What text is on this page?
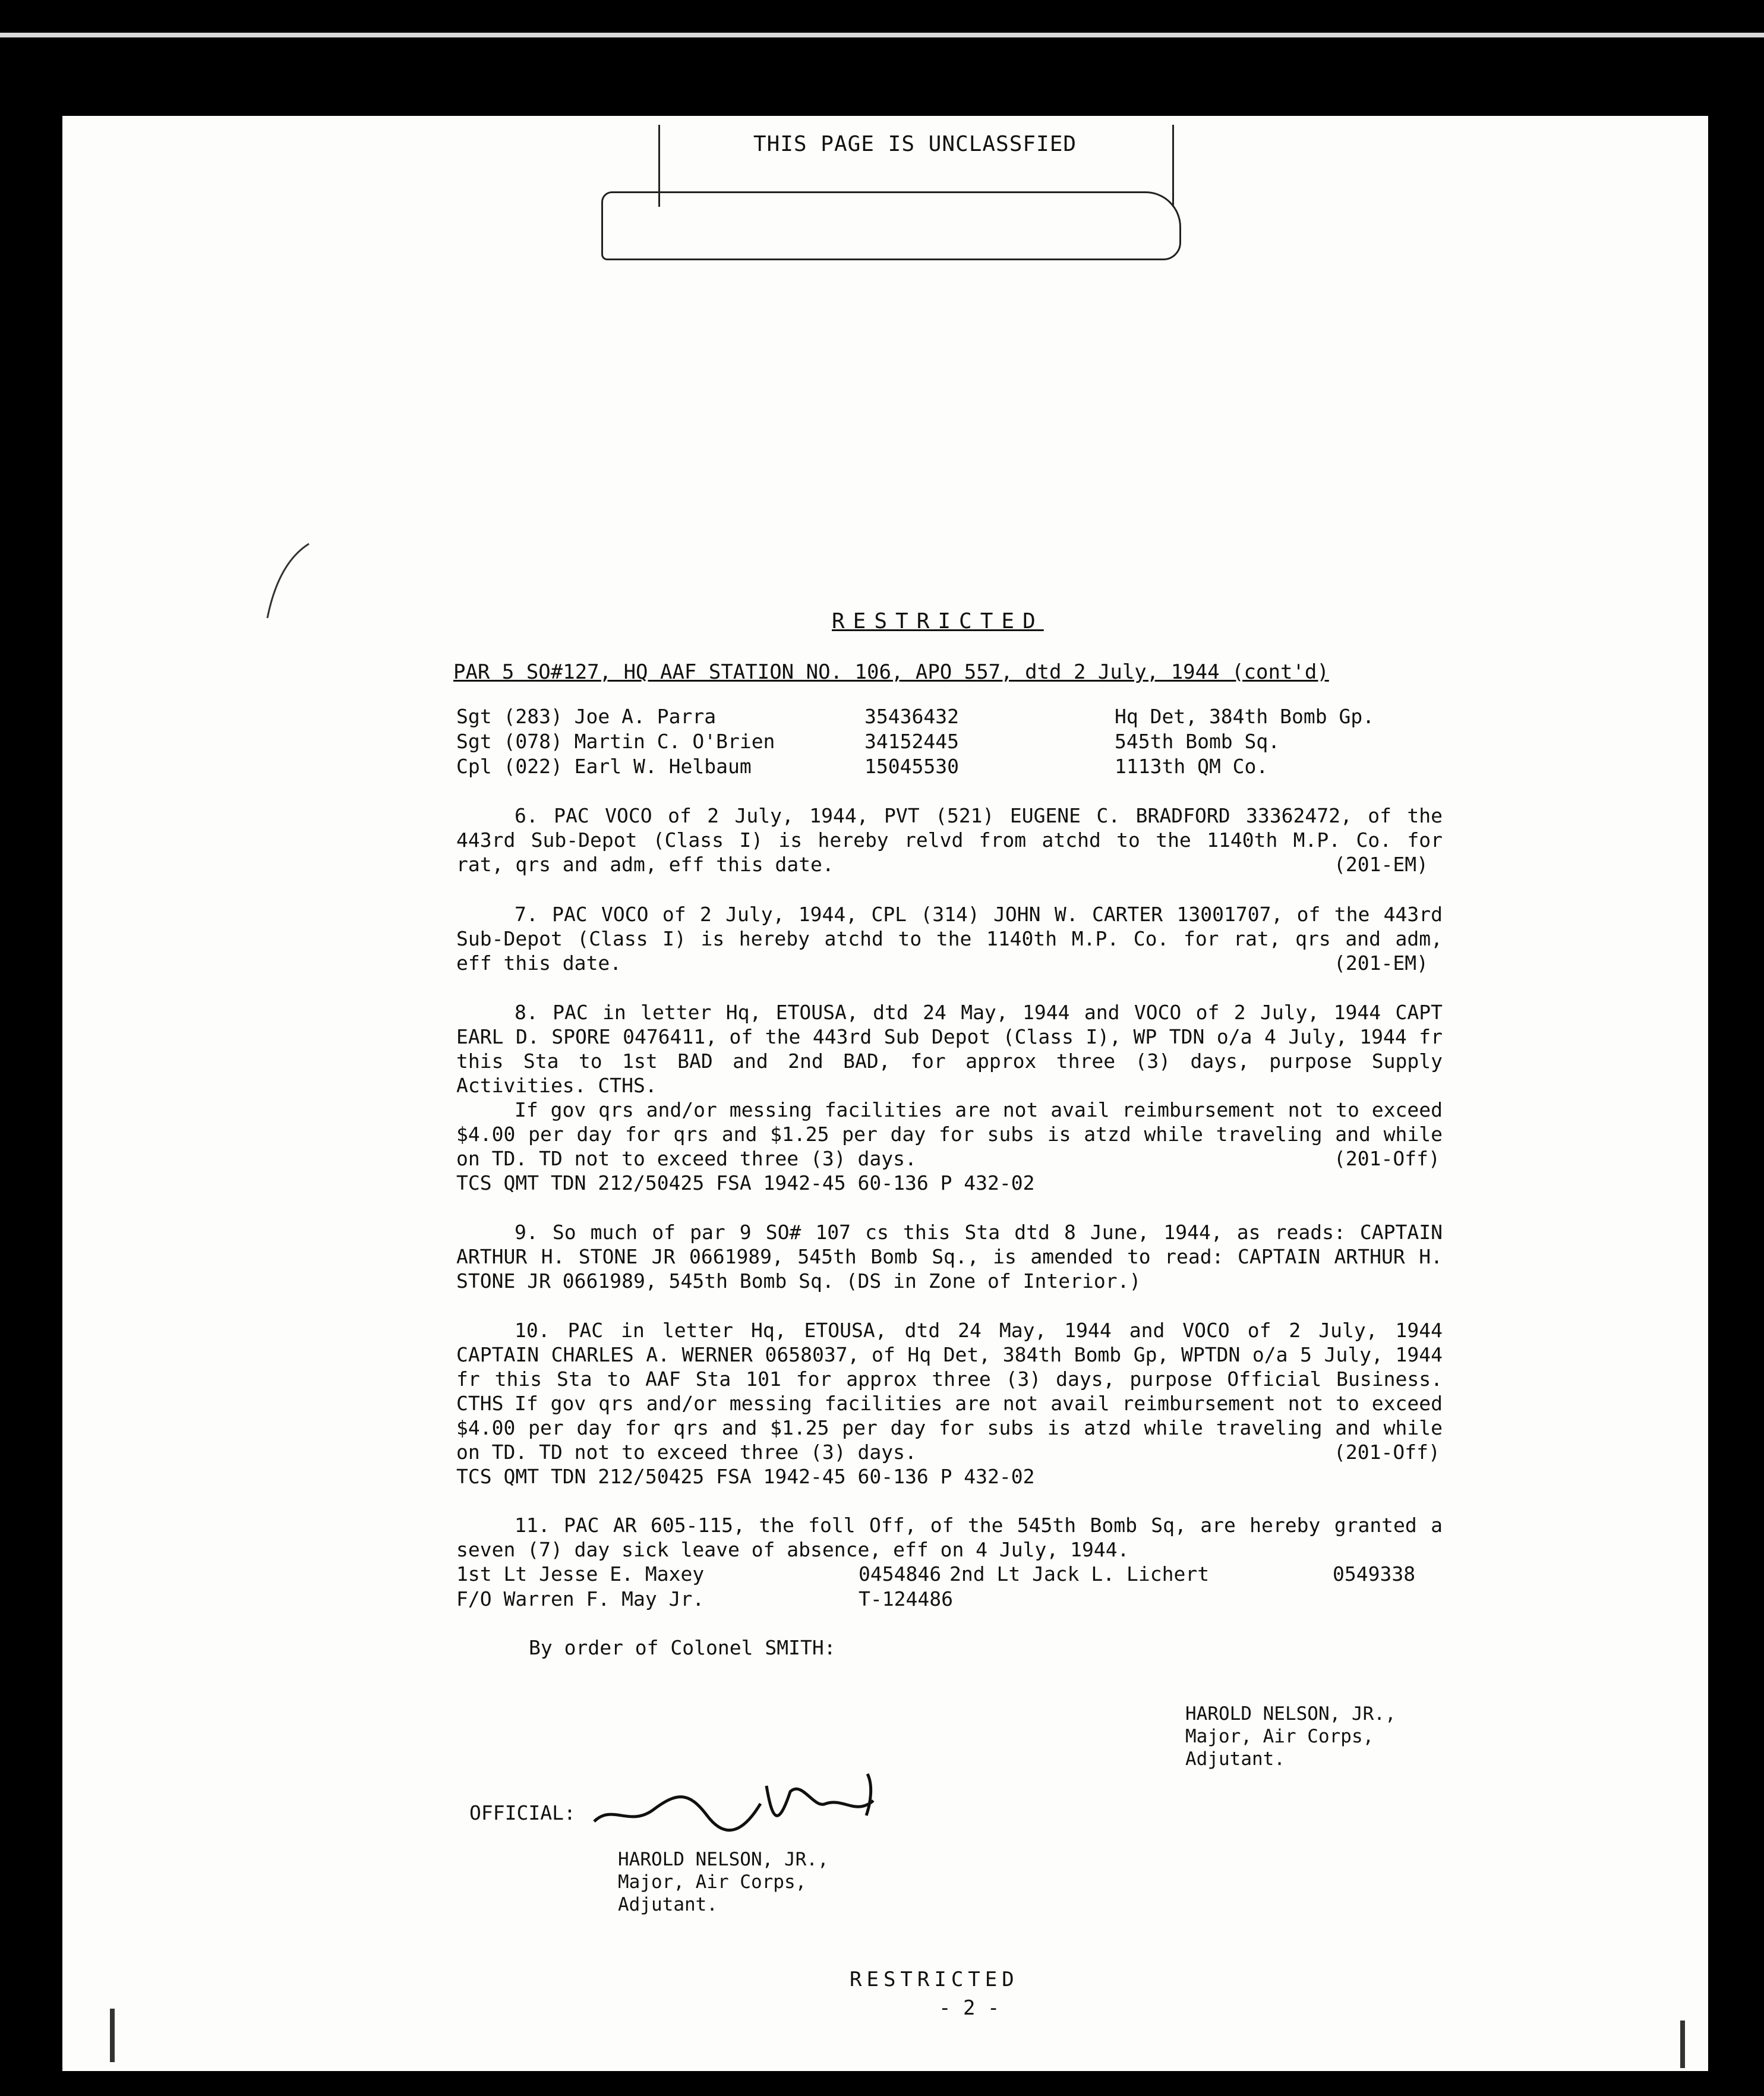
THIS PAGE IS UNCLASSFIED
RESTRICTED
PAR 5 SO#127, HQ AAF STATION NO. 106, APO 557, dtd 2 July, 1944 (cont'd)
Sgt (283) Joe A. Parra	35436432	Hq Det, 384th Bomb Gp.
Sgt (078) Martin C. O'Brien	34152445	545th Bomb Sq.
Cpl (022) Earl W. Helbaum	15045530	1113th QM Co.
6. PAC VOCO of 2 July, 1944, PVT (521) EUGENE C. BRADFORD 33362472, of the 443rd Sub-Depot (Class I) is hereby relvd from atchd to the 1140th M.P. Co. for rat, qrs and adm, eff this date.	(201-EM)
7. PAC VOCO of 2 July, 1944, CPL (314) JOHN W. CARTER 13001707, of the 443rd Sub-Depot (Class I) is hereby atchd to the 1140th M.P. Co. for rat, qrs and adm, eff this date.	(201-EM)
8. PAC in letter Hq, ETOUSA, dtd 24 May, 1944 and VOCO of 2 July, 1944 CAPT EARL D. SPORE 0476411, of the 443rd Sub Depot (Class I), WP TDN o/a 4 July, 1944 fr this Sta to 1st BAD and 2nd BAD, for approx three (3) days, purpose Supply Activities. CTHS.
If gov qrs and/or messing facilities are not avail reimbursement not to exceed $4.00 per day for qrs and $1.25 per day for subs is atzd while traveling and while on TD. TD not to exceed three (3) days.	(201-Off)
TCS QMT TDN 212/50425 FSA 1942-45 60-136 P 432-02
9. So much of par 9 SO# 107 cs this Sta dtd 8 June, 1944, as reads: CAPTAIN ARTHUR H. STONE JR 0661989, 545th Bomb Sq., is amended to read: CAPTAIN ARTHUR H. STONE JR 0661989, 545th Bomb Sq. (DS in Zone of Interior.)
10. PAC in letter Hq, ETOUSA, dtd 24 May, 1944 and VOCO of 2 July, 1944 CAPTAIN CHARLES A. WERNER 0658037, of Hq Det, 384th Bomb Gp, WPTDN o/a 5 July, 1944 fr this Sta to AAF Sta 101 for approx three (3) days, purpose Official Business. CTHS If gov qrs and/or messing facilities are not avail reimbursement not to exceed $4.00 per day for qrs and $1.25 per day for subs is atzd while traveling and while on TD. TD not to exceed three (3) days.	(201-Off)
TCS QMT TDN 212/50425 FSA 1942-45 60-136 P 432-02
11. PAC AR 605-115, the foll Off, of the 545th Bomb Sq, are hereby granted a seven (7) day sick leave of absence, eff on 4 July, 1944.
1st Lt Jesse E. Maxey	0454846 2nd Lt Jack L. Lichert	0549338
F/O Warren F. May Jr.	T-124486
By order of Colonel SMITH:
HAROLD NELSON, JR.,
Major, Air Corps,
Adjutant.
OFFICIAL:
HAROLD NELSON, JR.,
Major, Air Corps,
Adjutant.
RESTRICTED
- 2 -
